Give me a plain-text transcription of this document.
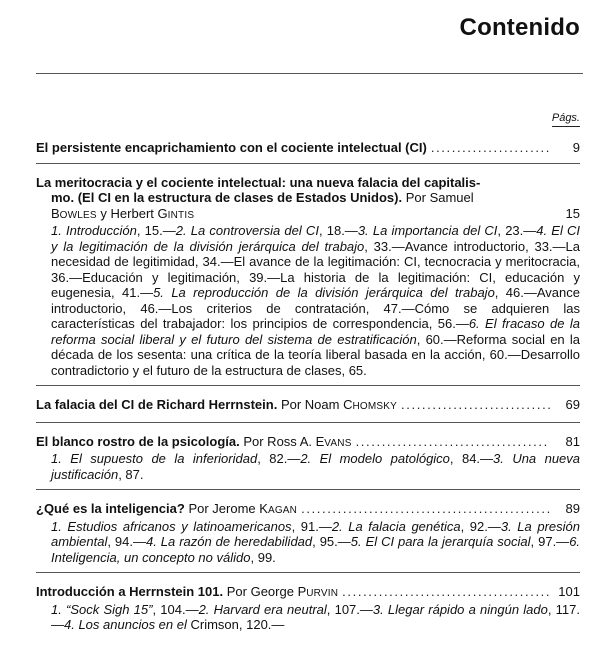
Contenido
Págs.
El persistente encaprichamiento con el cociente intelectual (CI) . . .	9
La meritocracia y el cociente intelectual: una nueva falacia del capitalis-
mo. (El CI en la estructura de clases de Estados Unidos). Por Samuel
BOWLES y Herbert GINTIS	15
1. Introducción, 15.—2. La controversia del CI, 18.—3. La importancia del CI, 23.—4. El CI y la legitimación de la división jerárquica del trabajo, 33.—Avance introductorio, 33.—La necesidad de legitimidad, 34.—El avance de la legitimación: CI, tecnocracia y meritocracia, 36.—Educación y legitimación, 39.—La historia de la legitimación: CI, educación y eugenesia, 41.—5. La reproducción de la división jerárquica del trabajo, 46.—Avance introductorio, 46.—Los criterios de contratación, 47.—Cómo se adquieren las características del trabajador: los principios de correspondencia, 56.—6. El fracaso de la reforma social liberal y el futuro del sistema de estratificación, 60.—Reforma social en la década de los sesenta: una crítica de la teoría liberal basada en la acción, 60.—Desarrollo contradictorio y el futuro de la estructura de clases, 65.
La falacia del CI de Richard Herrnstein. Por Noam CHOMSKY . . .	69
El blanco rostro de la psicología. Por Ross A. EVANS . . .	81
1. El supuesto de la inferioridad, 82.—2. El modelo patológico, 84.—3. Una nueva justificación, 87.
¿Qué es la inteligencia? Por Jerome KAGAN . . .	89
1. Estudios africanos y latinoamericanos, 91.—2. La falacia genética, 92.—3. La presión ambiental, 94.—4. La razón de heredabilidad, 95.—5. El CI para la jerarquía social, 97.—6. Inteligencia, un concepto no válido, 99.
Introducción a Herrnstein 101. Por George PURVIN . . .	101
1. “Sock Sigh 15”, 104.—2. Harvard era neutral, 107.—3. Llegar rápido a ningún lado, 117.—4. Los anuncios en el Crimson, 120.—
